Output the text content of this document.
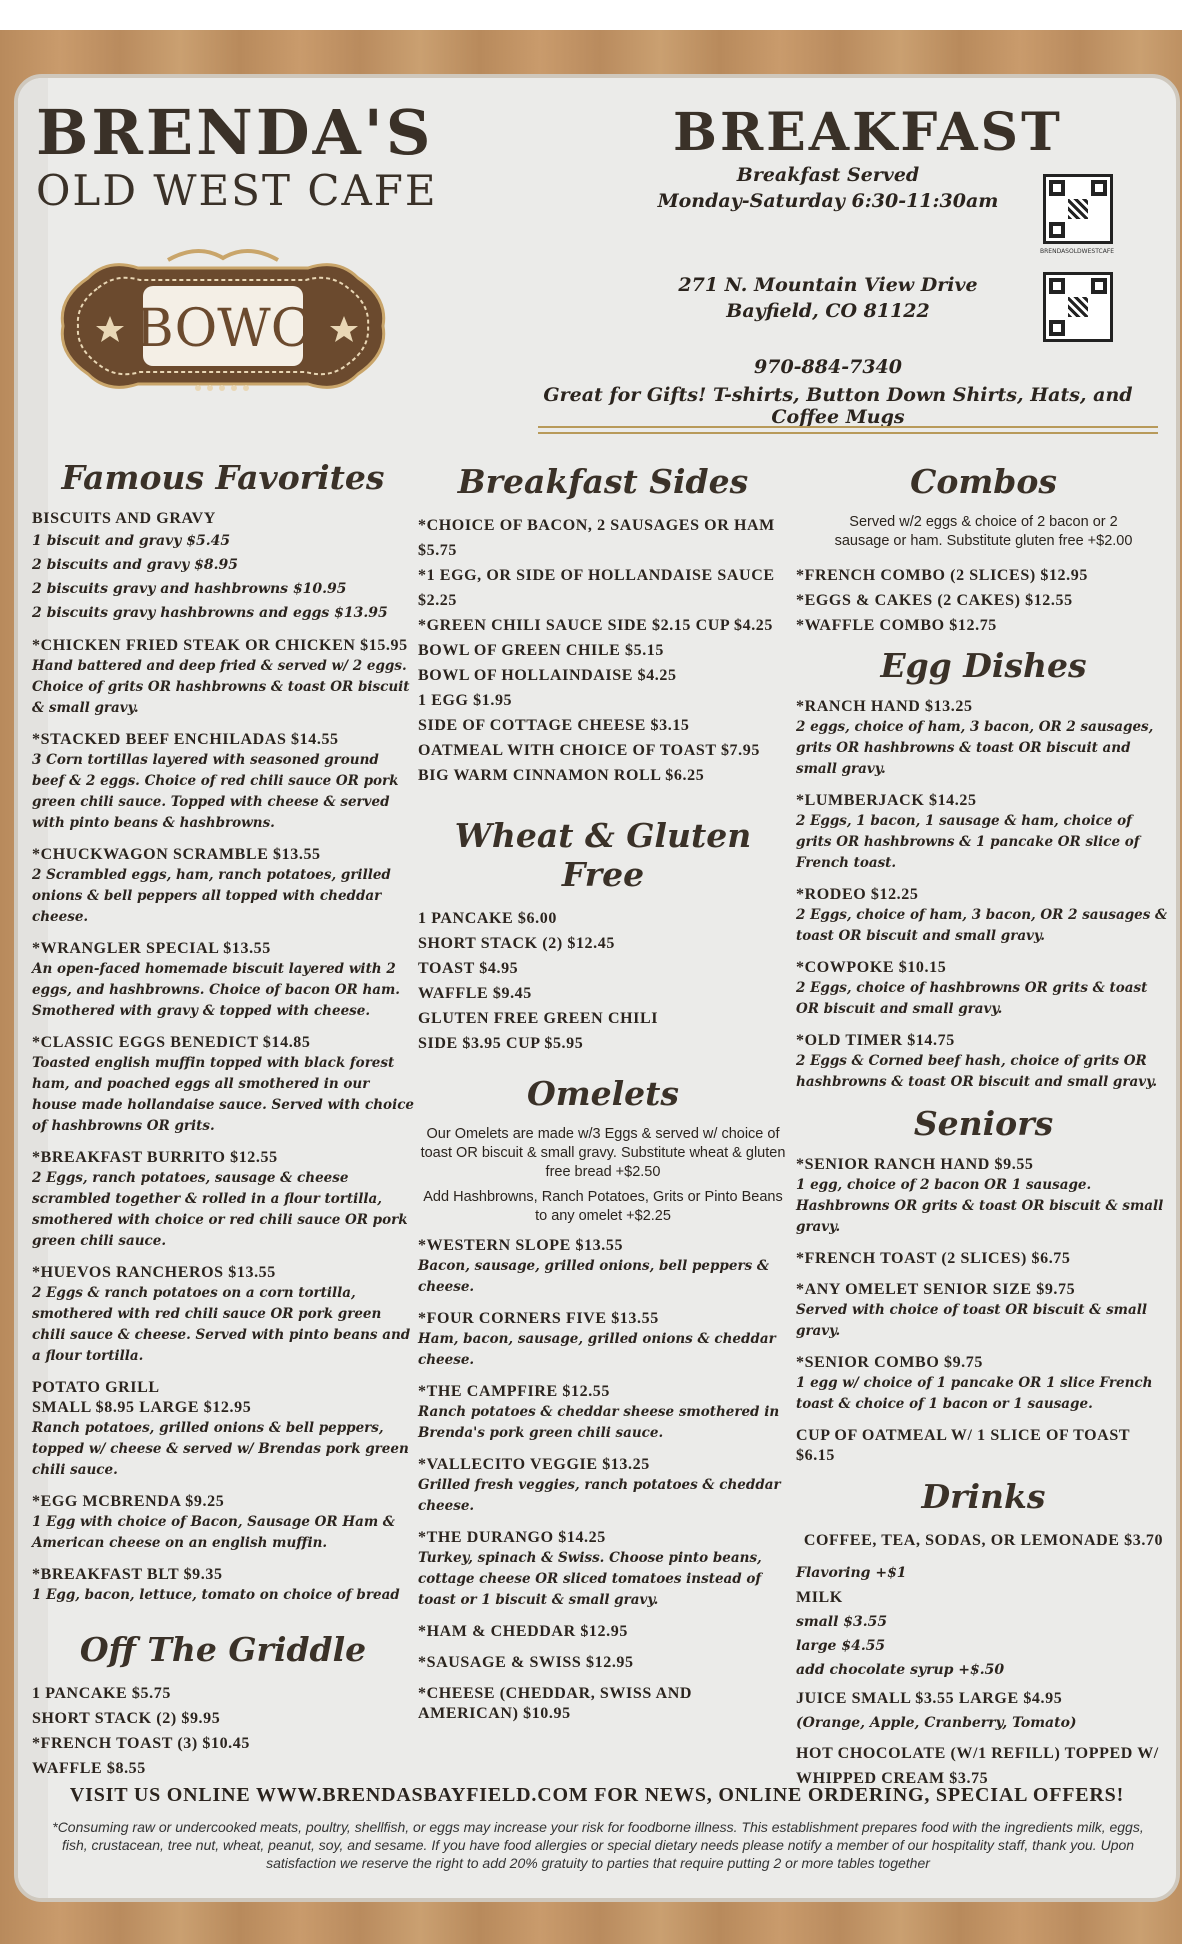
BRENDA'S
OLD WEST CAFE
BOWC
BREAKFAST
Breakfast Served
Monday-Saturday 6:30-11:30am
271 N. Mountain View Drive
Bayfield, CO 81122
970-884-7340
Great for Gifts! T-shirts, Button Down Shirts, Hats, and Coffee Mugs
BRENDASOLDWESTCAFE
Famous Favorites
BISCUITS AND GRAVY
1 biscuit and gravy $5.45
2 biscuits and gravy $8.95
2 biscuits gravy and hashbrowns $10.95
2 biscuits gravy hashbrowns and eggs $13.95
*CHICKEN FRIED STEAK OR CHICKEN $15.95
Hand battered and deep fried & served w/ 2 eggs. Choice of grits OR hashbrowns & toast OR biscuit & small gravy.
*STACKED BEEF ENCHILADAS $14.55
3 Corn tortillas layered with seasoned ground beef & 2 eggs. Choice of red chili sauce OR pork green chili sauce. Topped with cheese & served with pinto beans & hashbrowns.
*CHUCKWAGON SCRAMBLE $13.55
2 Scrambled eggs, ham, ranch potatoes, grilled onions & bell peppers all topped with cheddar cheese.
*WRANGLER SPECIAL $13.55
An open-faced homemade biscuit layered with 2 eggs, and hashbrowns. Choice of bacon OR ham. Smothered with gravy & topped with cheese.
*CLASSIC EGGS BENEDICT $14.85
Toasted english muffin topped with black forest ham, and poached eggs all smothered in our house made hollandaise sauce. Served with choice of hashbrowns OR grits.
*BREAKFAST BURRITO $12.55
2 Eggs, ranch potatoes, sausage & cheese scrambled together & rolled in a flour tortilla, smothered with choice or red chili sauce OR pork green chili sauce.
*HUEVOS RANCHEROS $13.55
2 Eggs & ranch potatoes on a corn tortilla, smothered with red chili sauce OR pork green chili sauce & cheese. Served with pinto beans and a flour tortilla.
POTATO GRILL
SMALL $8.95 LARGE $12.95
Ranch potatoes, grilled onions & bell peppers, topped w/ cheese & served w/ Brendas pork green chili sauce.
*EGG MCBRENDA $9.25
1 Egg with choice of Bacon, Sausage OR Ham & American cheese on an english muffin.
*BREAKFAST BLT $9.35
1 Egg, bacon, lettuce, tomato on choice of bread
Off The Griddle
1 PANCAKE $5.75
SHORT STACK (2) $9.95
*FRENCH TOAST (3) $10.45
WAFFLE $8.55
Breakfast Sides
*CHOICE OF BACON, 2 SAUSAGES OR HAM $5.75
*1 EGG, OR SIDE OF HOLLANDAISE SAUCE $2.25
*GREEN CHILI SAUCE SIDE $2.15 CUP $4.25
BOWL OF GREEN CHILE $5.15
BOWL OF HOLLAINDAISE $4.25
1 EGG $1.95
SIDE OF COTTAGE CHEESE $3.15
OATMEAL WITH CHOICE OF TOAST $7.95
BIG WARM CINNAMON ROLL $6.25
Wheat & Gluten Free
1 PANCAKE $6.00
SHORT STACK (2) $12.45
TOAST $4.95
WAFFLE $9.45
GLUTEN FREE GREEN CHILI
SIDE $3.95 CUP $5.95
Omelets
Our Omelets are made w/3 Eggs & served w/ choice of toast OR biscuit & small gravy. Substitute wheat & gluten free bread +$2.50
Add Hashbrowns, Ranch Potatoes, Grits or Pinto Beans to any omelet +$2.25
*WESTERN SLOPE $13.55
Bacon, sausage, grilled onions, bell peppers & cheese.
*FOUR CORNERS FIVE $13.55
Ham, bacon, sausage, grilled onions & cheddar cheese.
*THE CAMPFIRE $12.55
Ranch potatoes & cheddar sheese smothered in Brenda's pork green chili sauce.
*VALLECITO VEGGIE $13.25
Grilled fresh veggies, ranch potatoes & cheddar cheese.
*THE DURANGO $14.25
Turkey, spinach & Swiss. Choose pinto beans, cottage cheese OR sliced tomatoes instead of toast or 1 biscuit & small gravy.
*HAM & CHEDDAR $12.95
*SAUSAGE & SWISS $12.95
*CHEESE (CHEDDAR, SWISS AND AMERICAN) $10.95
Combos
Served w/2 eggs & choice of 2 bacon or 2 sausage or ham. Substitute gluten free +$2.00
*FRENCH COMBO (2 SLICES) $12.95
*EGGS & CAKES (2 CAKES) $12.55
*WAFFLE COMBO $12.75
Egg Dishes
*RANCH HAND $13.25
2 eggs, choice of ham, 3 bacon, OR 2 sausages, grits OR hashbrowns & toast OR biscuit and small gravy.
*LUMBERJACK $14.25
2 Eggs, 1 bacon, 1 sausage & ham, choice of grits OR hashbrowns & 1 pancake OR slice of French toast.
*RODEO $12.25
2 Eggs, choice of ham, 3 bacon, OR 2 sausages & toast OR biscuit and small gravy.
*COWPOKE $10.15
2 Eggs, choice of hashbrowns OR grits & toast OR biscuit and small gravy.
*OLD TIMER $14.75
2 Eggs & Corned beef hash, choice of grits OR hashbrowns & toast OR biscuit and small gravy.
Seniors
*SENIOR RANCH HAND $9.55
1 egg, choice of 2 bacon OR 1 sausage. Hashbrowns OR grits & toast OR biscuit & small gravy.
*FRENCH TOAST (2 SLICES) $6.75
*ANY OMELET SENIOR SIZE $9.75
Served with choice of toast OR biscuit & small gravy.
*SENIOR COMBO $9.75
1 egg w/ choice of 1 pancake OR 1 slice French toast & choice of 1 bacon or 1 sausage.
CUP OF OATMEAL W/ 1 SLICE OF TOAST $6.15
Drinks
COFFEE, TEA, SODAS, OR LEMONADE $3.70
Flavoring +$1
MILK
small $3.55
large $4.55
add chocolate syrup +$.50
JUICE SMALL $3.55 LARGE $4.95
(Orange, Apple, Cranberry, Tomato)
HOT CHOCOLATE (W/1 REFILL) TOPPED W/
WHIPPED CREAM $3.75
VISIT US ONLINE WWW.BRENDASBAYFIELD.COM FOR NEWS, ONLINE ORDERING, SPECIAL OFFERS!
*Consuming raw or undercooked meats, poultry, shellfish, or eggs may increase your risk for foodborne illness. This establishment prepares food with the ingredients milk, eggs, fish, crustacean, tree nut, wheat, peanut, soy, and sesame. If you have food allergies or special dietary needs please notify a member of our hospitality staff, thank you. Upon satisfaction we reserve the right to add 20% gratuity to parties that require putting 2 or more tables together
